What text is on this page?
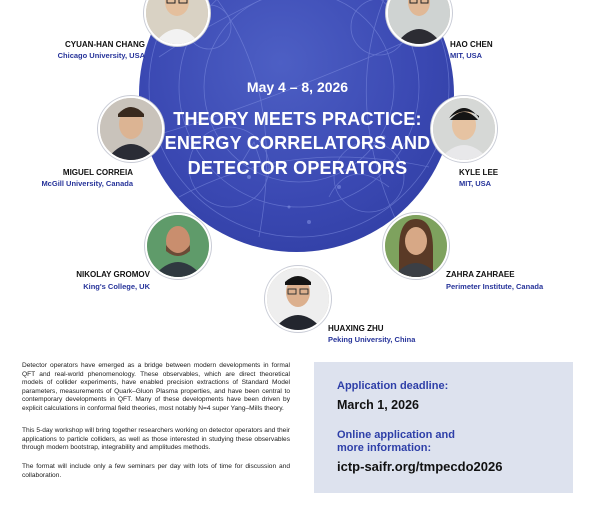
May 4 – 8, 2026
THEORY MEETS PRACTICE:
ENERGY CORRELATORS AND
DETECTOR OPERATORS
CYUAN-HAN CHANG
Chicago University, USA
HAO CHEN
MIT, USA
MIGUEL CORREIA
McGill University, Canada
KYLE LEE
MIT, USA
NIKOLAY GROMOV
King's College, UK
ZAHRA ZAHRAEE
Perimeter Institute, Canada
HUAXING ZHU
Peking University, China
Detector operators have emerged as a bridge between modern developments in formal QFT and real-world phenomenology. These observables, which are direct theoretical models of collider experiments, have enabled precision extractions of Standard Model parameters, measurements of Quark–Gluon Plasma properties, and have been central to contemporary developments in QFT. Many of these developments have been driven by explicit calculations in conformal field theories, most notably N=4 super Yang–Mills theory.
This 5-day workshop will bring together researchers working on detector operators and their applications to particle colliders, as well as those interested in studying these observables through modern bootstrap, integrability and amplitudes methods.
The format will include only a few seminars per day with lots of time for discussion and collaboration.
Application deadline:
March 1, 2026
Online application and
more information:
ictp-saifr.org/tmpecdo2026
